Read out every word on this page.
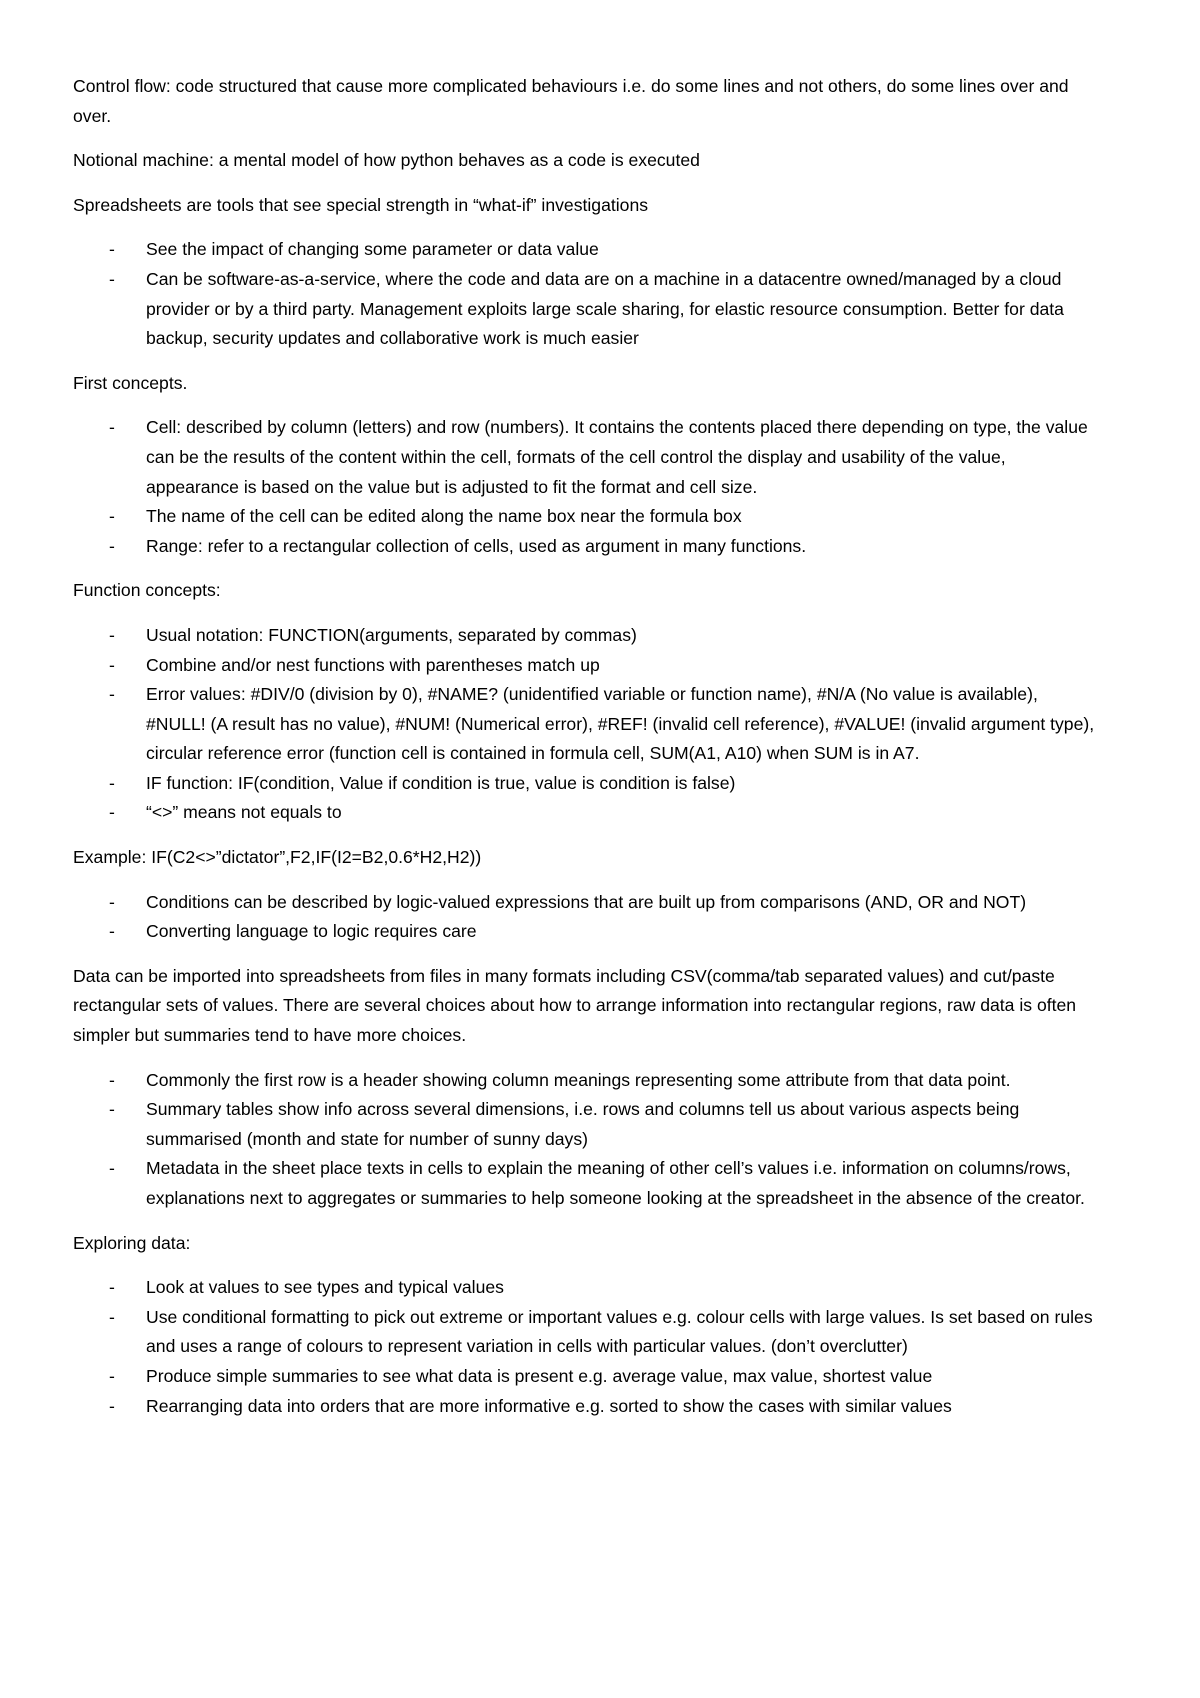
Control flow: code structured that cause more complicated behaviours i.e. do some lines and not others, do some lines over and over.

Notional machine: a mental model of how python behaves as a code is executed

Spreadsheets are tools that see special strength in “what-if” investigations

- See the impact of changing some parameter or data value
- Can be software-as-a-service, where the code and data are on a machine in a datacentre owned/managed by a cloud provider or by a third party. Management exploits large scale sharing, for elastic resource consumption. Better for data backup, security updates and collaborative work is much easier

First concepts.

- Cell: described by column (letters) and row (numbers). It contains the contents placed there depending on type, the value can be the results of the content within the cell, formats of the cell control the display and usability of the value, appearance is based on the value but is adjusted to fit the format and cell size.
- The name of the cell can be edited along the name box near the formula box
- Range: refer to a rectangular collection of cells, used as argument in many functions.

Function concepts:

- Usual notation: FUNCTION(arguments, separated by commas)
- Combine and/or nest functions with parentheses match up
- Error values: #DIV/0 (division by 0), #NAME? (unidentified variable or function name), #N/A (No value is available), #NULL! (A result has no value), #NUM! (Numerical error), #REF! (invalid cell reference), #VALUE! (invalid argument type), circular reference error (function cell is contained in formula cell, SUM(A1, A10) when SUM is in A7.
- IF function: IF(condition, Value if condition is true, value is condition is false)
- “<>” means not equals to

Example: IF(C2<>”dictator”,F2,IF(I2=B2,0.6*H2,H2))

- Conditions can be described by logic-valued expressions that are built up from comparisons (AND, OR and NOT)
- Converting language to logic requires care

Data can be imported into spreadsheets from files in many formats including CSV(comma/tab separated values) and cut/paste rectangular sets of values. There are several choices about how to arrange information into rectangular regions, raw data is often simpler but summaries tend to have more choices.

- Commonly the first row is a header showing column meanings representing some attribute from that data point.
- Summary tables show info across several dimensions, i.e. rows and columns tell us about various aspects being summarised (month and state for number of sunny days)
- Metadata in the sheet place texts in cells to explain the meaning of other cell’s values i.e. information on columns/rows, explanations next to aggregates or summaries to help someone looking at the spreadsheet in the absence of the creator.

Exploring data:

- Look at values to see types and typical values
- Use conditional formatting to pick out extreme or important values e.g. colour cells with large values. Is set based on rules and uses a range of colours to represent variation in cells with particular values. (don’t overclutter)
- Produce simple summaries to see what data is present e.g. average value, max value, shortest value
- Rearranging data into orders that are more informative e.g. sorted to show the cases with similar values
